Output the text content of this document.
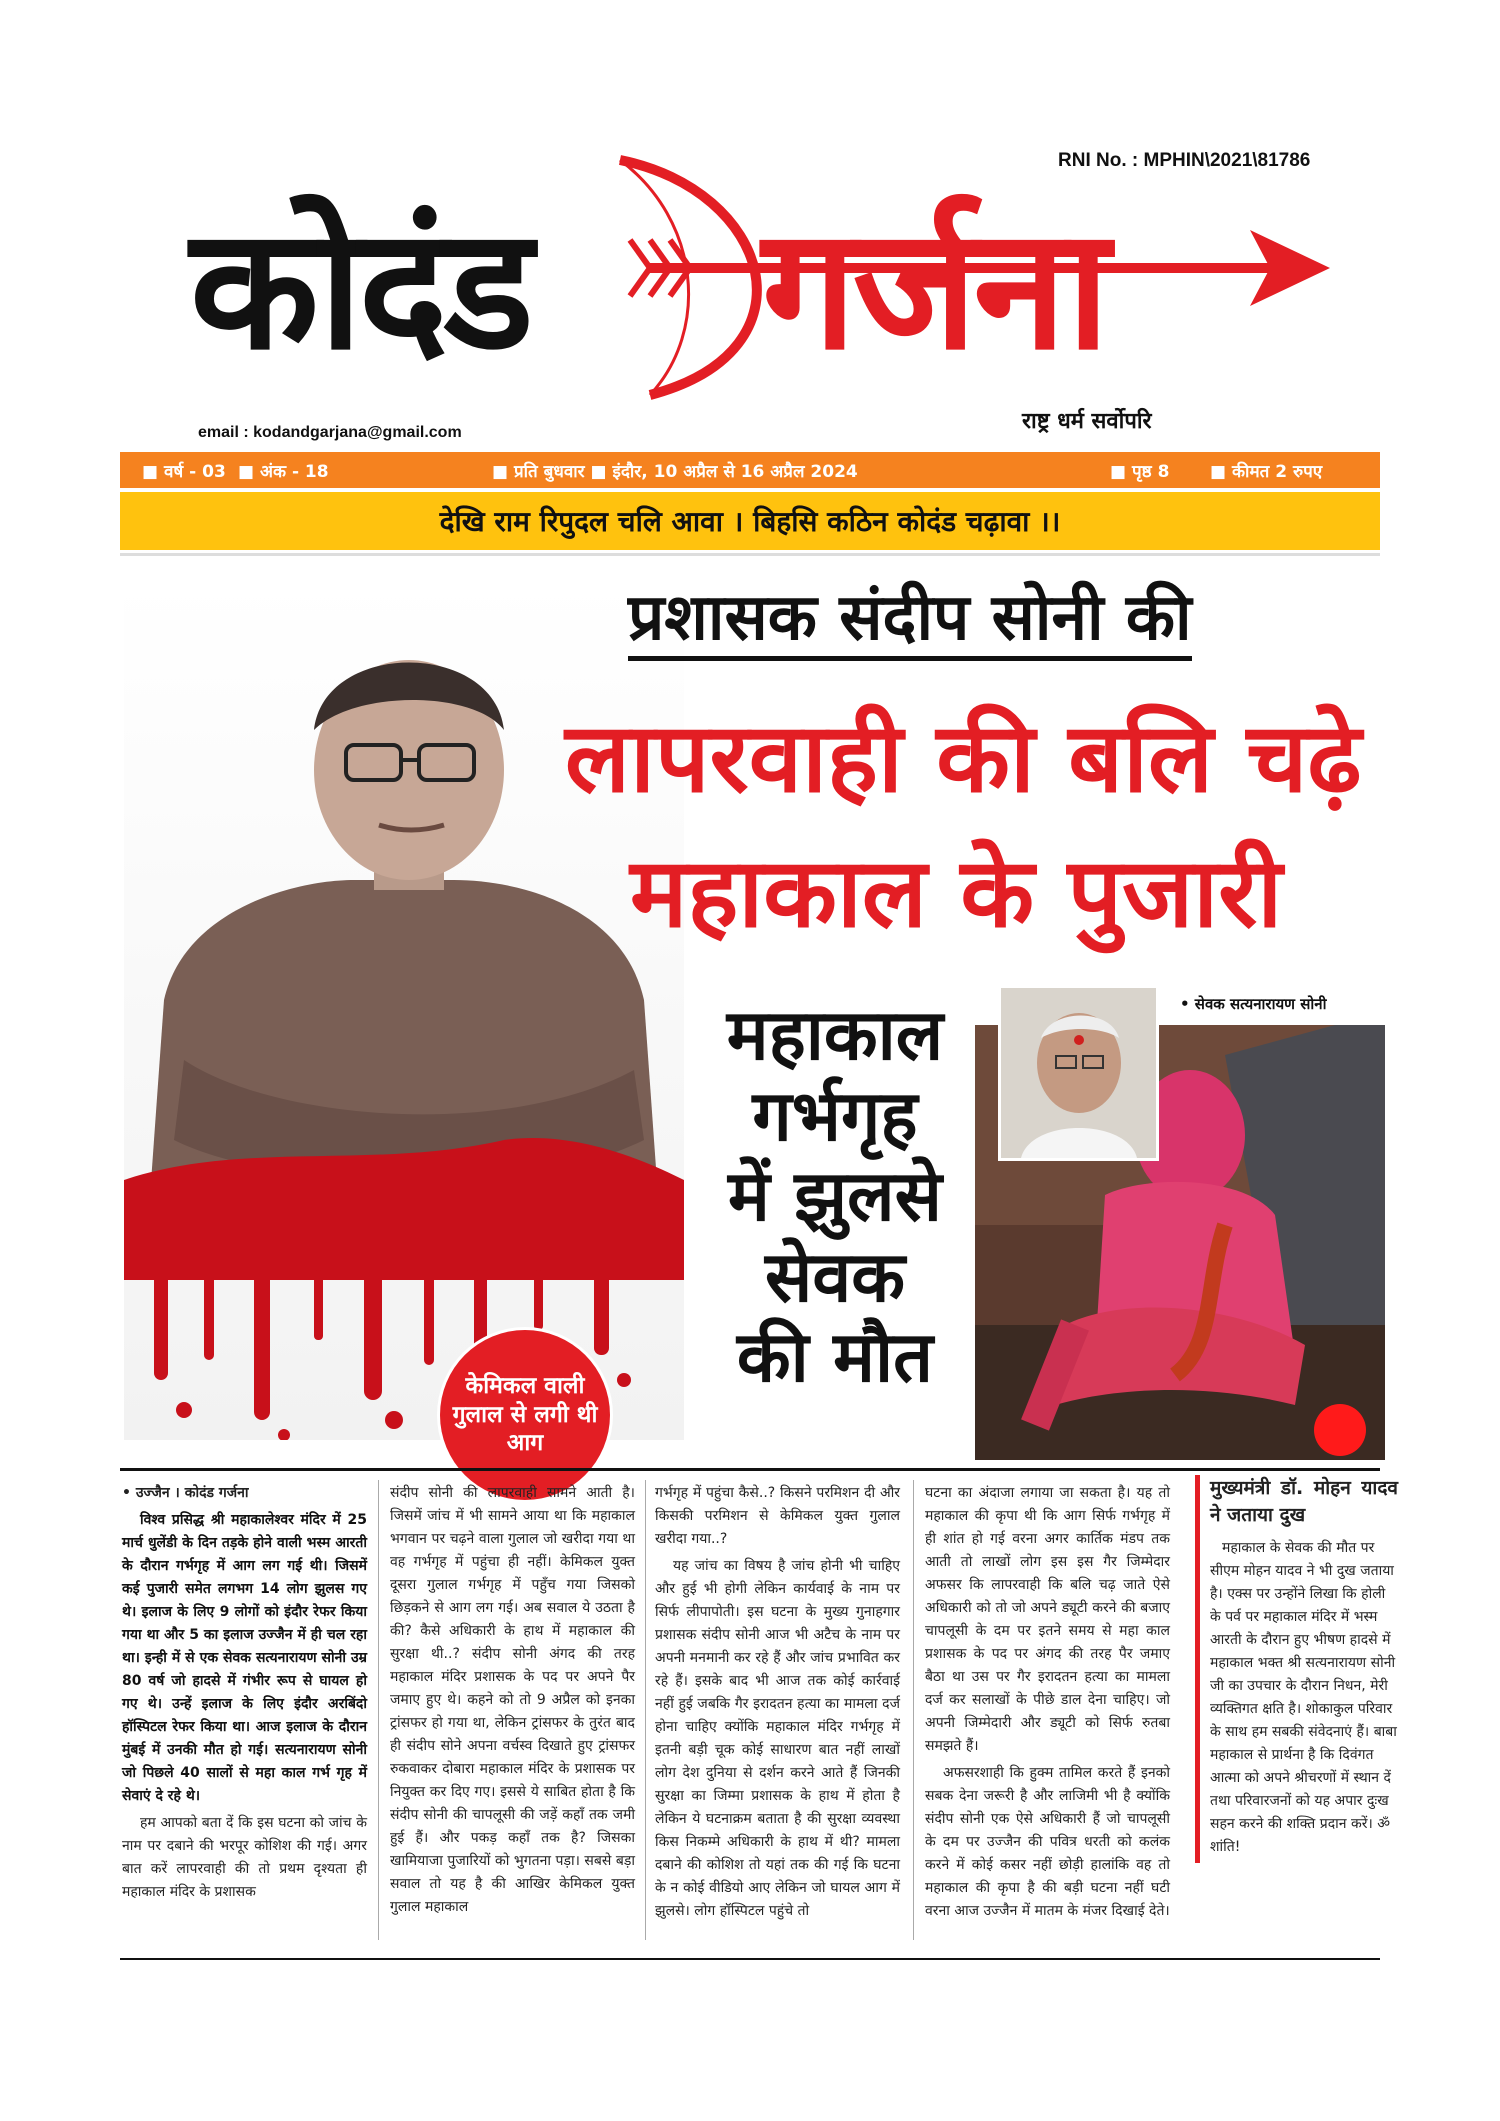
RNI No. : MPHIN\2021\81786
कोदंड गर्जना
राष्ट्र धर्म सर्वोपरि
email : kodandgarjana@gmail.com
■ वर्ष - 03 ■ अंक - 18	■ प्रति बुधवार ■ इंदौर, 10 अप्रैल से 16 अप्रैल 2024	■ पृष्ठ 8 ■ कीमत 2 रुपए
देखि राम रिपुदल चलि आवा । बिहसि कठिन कोदंड चढ़ावा ।।
केमिकल वाली गुलाल से लगी थी आग
प्रशासक संदीप सोनी की
लापरवाही की बलि चढ़े
महाकाल के पुजारी
महाकाल
गर्भगृह
में झुलसे
सेवक
की मौत
• सेवक सत्यनारायण सोनी

• उज्जैन । कोदंड गर्जना

विश्व प्रसिद्ध श्री महाकालेश्वर मंदिर में 25 मार्च धुलेंडी के दिन तड़के होने वाली भस्म आरती के दौरान गर्भगृह में आग लग गई थी। जिसमें कई पुजारी समेत लगभग 14 लोग झुलस गए थे। इलाज के लिए 9 लोगों को इंदौर रेफर किया गया था और 5 का इलाज उज्जैन में ही चल रहा था। इन्ही में से एक सेवक सत्यनारायण सोनी उम्र 80 वर्ष जो हादसे में गंभीर रूप से घायल हो गए थे। उन्हें इलाज के लिए इंदौर अरबिंदो हॉस्पिटल रेफर किया था। आज इलाज के दौरान मुंबई में उनकी मौत हो गई। सत्यनारायण सोनी जो पिछले 40 सालों से महा काल गर्भ गृह में सेवाएं दे रहे थे।

हम आपको बता दें कि इस घटना को जांच के नाम पर दबाने की भरपूर कोशिश की गई। अगर बात करें लापरवाही की तो प्रथम दृश्यता ही महाकाल मंदिर के प्रशासक

संदीप सोनी की लापरवाही सामने आती है। जिसमें जांच में भी सामने आया था कि महाकाल भगवान पर चढ़ने वाला गुलाल जो खरीदा गया था वह गर्भगृह में पहुंचा ही नहीं। केमिकल युक्त दूसरा गुलाल गर्भगृह में पहुँच गया जिसको छिड़कने से आग लग गई। अब सवाल ये उठता है की? कैसे अधिकारी के हाथ में महाकाल की सुरक्षा थी..? संदीप सोनी अंगद की तरह महाकाल मंदिर प्रशासक के पद पर अपने पैर जमाए हुए थे। कहने को तो 9 अप्रैल को इनका ट्रांसफर हो गया था, लेकिन ट्रांसफर के तुरंत बाद ही संदीप सोने अपना वर्चस्व दिखाते हुए ट्रांसफर रुकवाकर दोबारा महाकाल मंदिर के प्रशासक पर नियुक्त कर दिए गए। इससे ये साबित होता है कि संदीप सोनी की चापलूसी की जड़ें कहाँ तक जमी हुई हैं। और पकड़ कहाँ तक है? जिसका खामियाजा पुजारियों को भुगतना पड़ा। सबसे बड़ा सवाल तो यह है की आखिर केमिकल युक्त गुलाल महाकाल

गर्भगृह में पहुंचा कैसे..? किसने परमिशन दी और किसकी परमिशन से केमिकल युक्त गुलाल खरीदा गया..?

यह जांच का विषय है जांच होनी भी चाहिए और हुई भी होगी लेकिन कार्यवाई के नाम पर सिर्फ लीपापोती। इस घटना के मुख्य गुनाहगार प्रशासक संदीप सोनी आज भी अटैच के नाम पर अपनी मनमानी कर रहे हैं और जांच प्रभावित कर रहे हैं। इसके बाद भी आज तक कोई कार्रवाई नहीं हुई जबकि गैर इरादतन हत्या का मामला दर्ज होना चाहिए क्योंकि महाकाल मंदिर गर्भगृह में इतनी बड़ी चूक कोई साधारण बात नहीं लाखों लोग देश दुनिया से दर्शन करने आते हैं जिनकी सुरक्षा का जिम्मा प्रशासक के हाथ में होता है लेकिन ये घटनाक्रम बताता है की सुरक्षा व्यवस्था किस निकम्मे अधिकारी के हाथ में थी? मामला दबाने की कोशिश तो यहां तक की गई कि घटना के न कोई वीडियो आए लेकिन जो घायल आग में झुलसे। लोग हॉस्पिटल पहुंचे तो

घटना का अंदाजा लगाया जा सकता है। यह तो महाकाल की कृपा थी कि आग सिर्फ गर्भगृह में ही शांत हो गई वरना अगर कार्तिक मंडप तक आती तो लाखों लोग इस इस गैर जिम्मेदार अफसर कि लापरवाही कि बलि चढ़ जाते ऐसे अधिकारी को तो जो अपने ड्यूटी करने की बजाए चापलूसी के दम पर इतने समय से महा काल प्रशासक के पद पर अंगद की तरह पैर जमाए बैठा था उस पर गैर इरादतन हत्या का मामला दर्ज कर सलाखों के पीछे डाल देना चाहिए। जो अपनी जिम्मेदारी और ड्यूटी को सिर्फ रुतबा समझते हैं।

अफसरशाही कि हुक्म तामिल करते हैं इनको सबक देना जरूरी है और लाजिमी भी है क्योंकि संदीप सोनी एक ऐसे अधिकारी हैं जो चापलूसी के दम पर उज्जैन की पवित्र धरती को कलंक करने में कोई कसर नहीं छोड़ी हालांकि वह तो महाकाल की कृपा है की बड़ी घटना नहीं घटी वरना आज उज्जैन में मातम के मंजर दिखाई देते।

मुख्यमंत्री डॉ. मोहन यादव ने जताया दुख

महाकाल के सेवक की मौत पर सीएम मोहन यादव ने भी दुख जताया है। एक्स पर उन्होंने लिखा कि होली के पर्व पर महाकाल मंदिर में भस्म आरती के दौरान हुए भीषण हादसे में महाकाल भक्त श्री सत्यनारायण सोनी जी का उपचार के दौरान निधन, मेरी व्यक्तिगत क्षति है। शोकाकुल परिवार के साथ हम सबकी संवेदनाएं हैं। बाबा महाकाल से प्रार्थना है कि दिवंगत आत्मा को अपने श्रीचरणों में स्थान दें तथा परिवारजनों को यह अपार दुःख सहन करने की शक्ति प्रदान करें। ॐ शांति!
